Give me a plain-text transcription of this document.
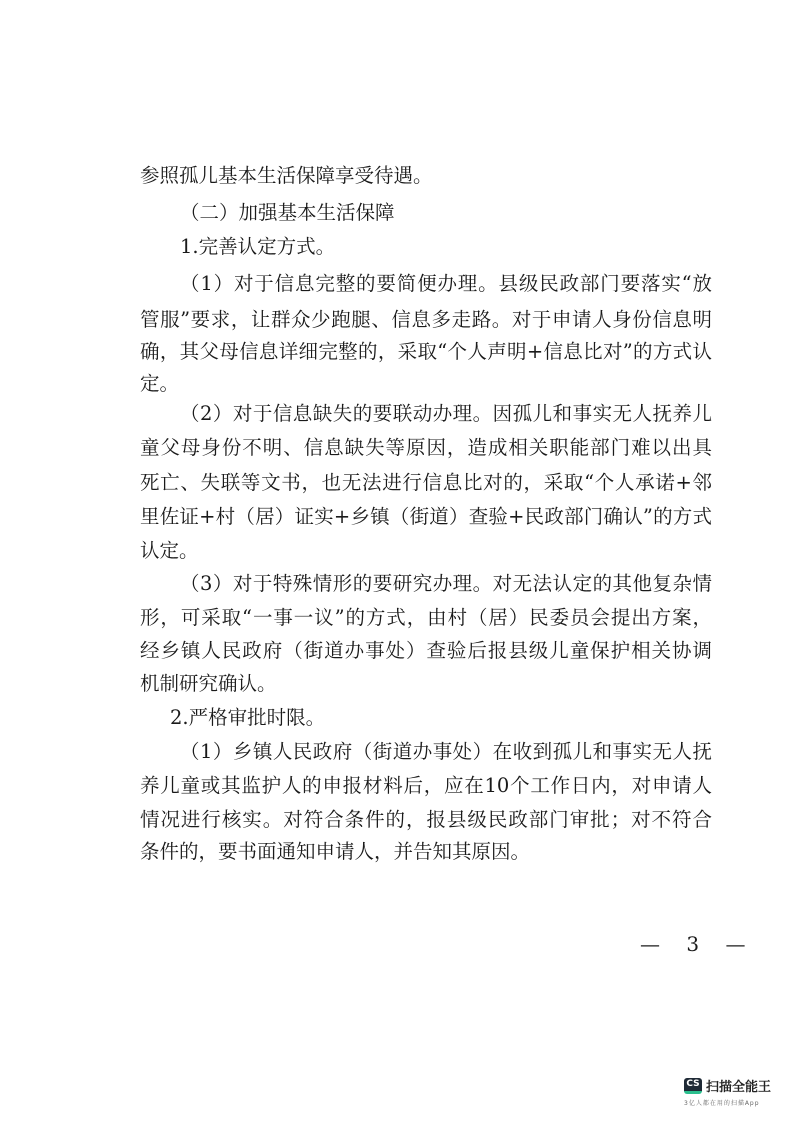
参照孤儿基本生活保障享受待遇。
（二）加强基本生活保障
1.完善认定方式。
（1）对于信息完整的要简便办理。县级民政部门要落实“放
管服”要求，让群众少跑腿、信息多走路。对于申请人身份信息明
确，其父母信息详细完整的，采取“个人声明+信息比对”的方式认
定。
（2）对于信息缺失的要联动办理。因孤儿和事实无人抚养儿
童父母身份不明、信息缺失等原因，造成相关职能部门难以出具
死亡、失联等文书，也无法进行信息比对的，采取“个人承诺+邻
里佐证+村（居）证实+乡镇（街道）查验+民政部门确认”的方式
认定。
（3）对于特殊情形的要研究办理。对无法认定的其他复杂情
形，可采取“一事一议”的方式，由村（居）民委员会提出方案，
经乡镇人民政府（街道办事处）查验后报县级儿童保护相关协调
机制研究确认。
2.严格审批时限。
（1）乡镇人民政府（街道办事处）在收到孤儿和事实无人抚
养儿童或其监护人的申报材料后，应在10个工作日内，对申请人
情况进行核实。对符合条件的，报县级民政部门审批；对不符合
条件的，要书面通知申请人，并告知其原因。
— 3 —
CS 扫描全能王
3亿人都在用的扫描App
